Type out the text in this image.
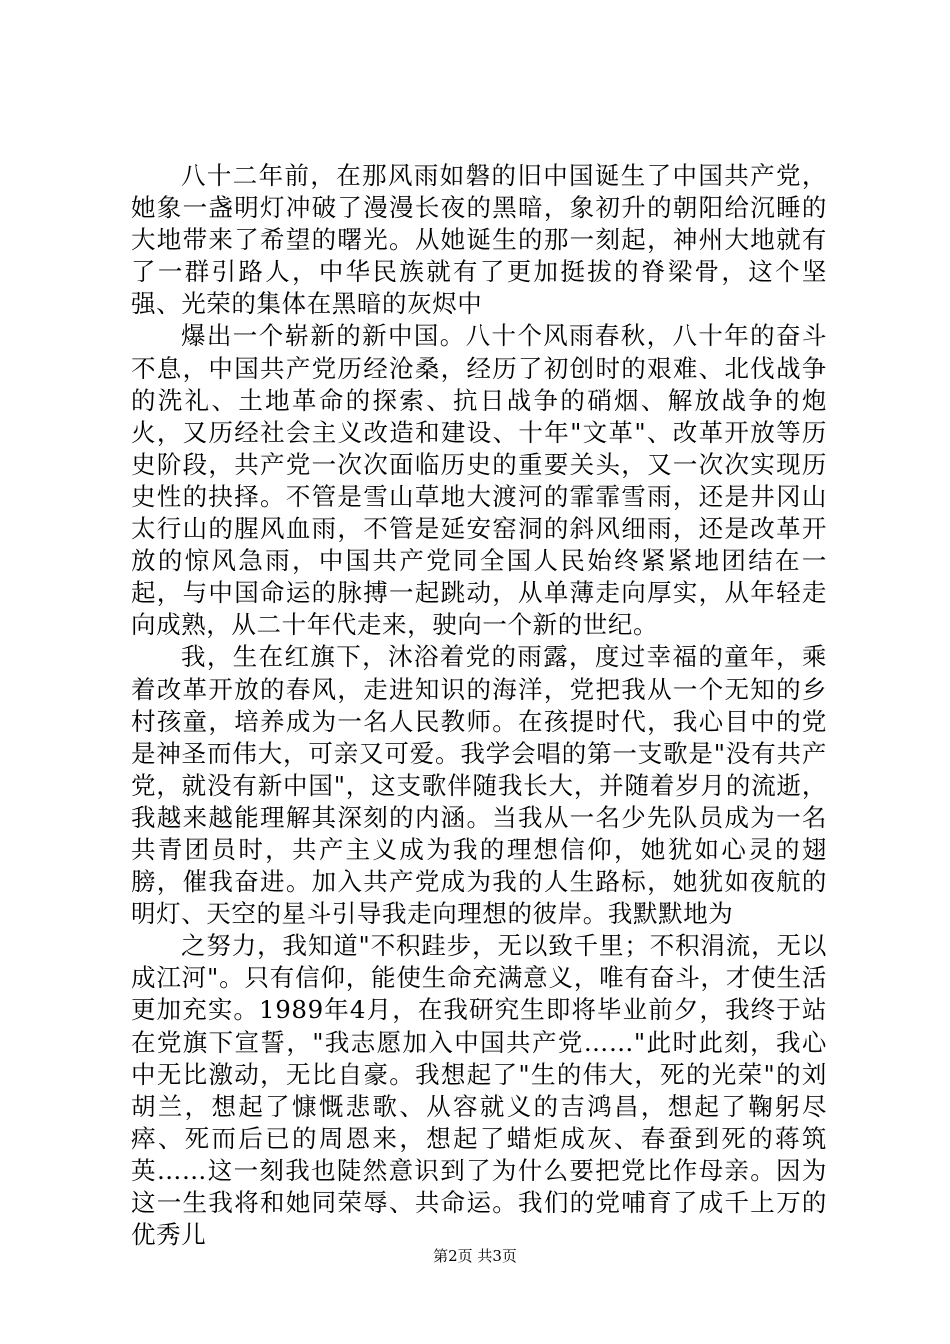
八十二年前，在那风雨如磐的旧中国诞生了中国共产党，她象一盏明灯冲破了漫漫长夜的黑暗，象初升的朝阳给沉睡的大地带来了希望的曙光。从她诞生的那一刻起，神州大地就有了一群引路人，中华民族就有了更加挺拔的脊梁骨，这个坚强、光荣的集体在黑暗的灰烬中

爆出一个崭新的新中国。八十个风雨春秋，八十年的奋斗不息，中国共产党历经沧桑，经历了初创时的艰难、北伐战争的洗礼、土地革命的探索、抗日战争的硝烟、解放战争的炮火，又历经社会主义改造和建设、十年"文革"、改革开放等历史阶段，共产党一次次面临历史的重要关头，又一次次实现历史性的抉择。不管是雪山草地大渡河的霏霏雪雨，还是井冈山太行山的腥风血雨，不管是延安窑洞的斜风细雨，还是改革开放的惊风急雨，中国共产党同全国人民始终紧紧地团结在一起，与中国命运的脉搏一起跳动，从单薄走向厚实，从年轻走向成熟，从二十年代走来，驶向一个新的世纪。

我，生在红旗下，沐浴着党的雨露，度过幸福的童年，乘着改革开放的春风，走进知识的海洋，党把我从一个无知的乡村孩童，培养成为一名人民教师。在孩提时代，我心目中的党是神圣而伟大，可亲又可爱。我学会唱的第一支歌是"没有共产党，就没有新中国"，这支歌伴随我长大，并随着岁月的流逝，我越来越能理解其深刻的内涵。当我从一名少先队员成为一名共青团员时，共产主义成为我的理想信仰，她犹如心灵的翅膀，催我奋进。加入共产党成为我的人生路标，她犹如夜航的明灯、天空的星斗引导我走向理想的彼岸。我默默地为

之努力，我知道"不积跬步，无以致千里；不积涓流，无以成江河"。只有信仰，能使生命充满意义，唯有奋斗，才使生活更加充实。1989年4月，在我研究生即将毕业前夕，我终于站在党旗下宣誓，"我志愿加入中国共产党……"此时此刻，我心中无比激动，无比自豪。我想起了"生的伟大，死的光荣"的刘胡兰，想起了慷慨悲歌、从容就义的吉鸿昌，想起了鞠躬尽瘁、死而后已的周恩来，想起了蜡炬成灰、春蚕到死的蒋筑英……这一刻我也陡然意识到了为什么要把党比作母亲。因为这一生我将和她同荣辱、共命运。我们的党哺育了成千上万的优秀儿

第2页 共3页
